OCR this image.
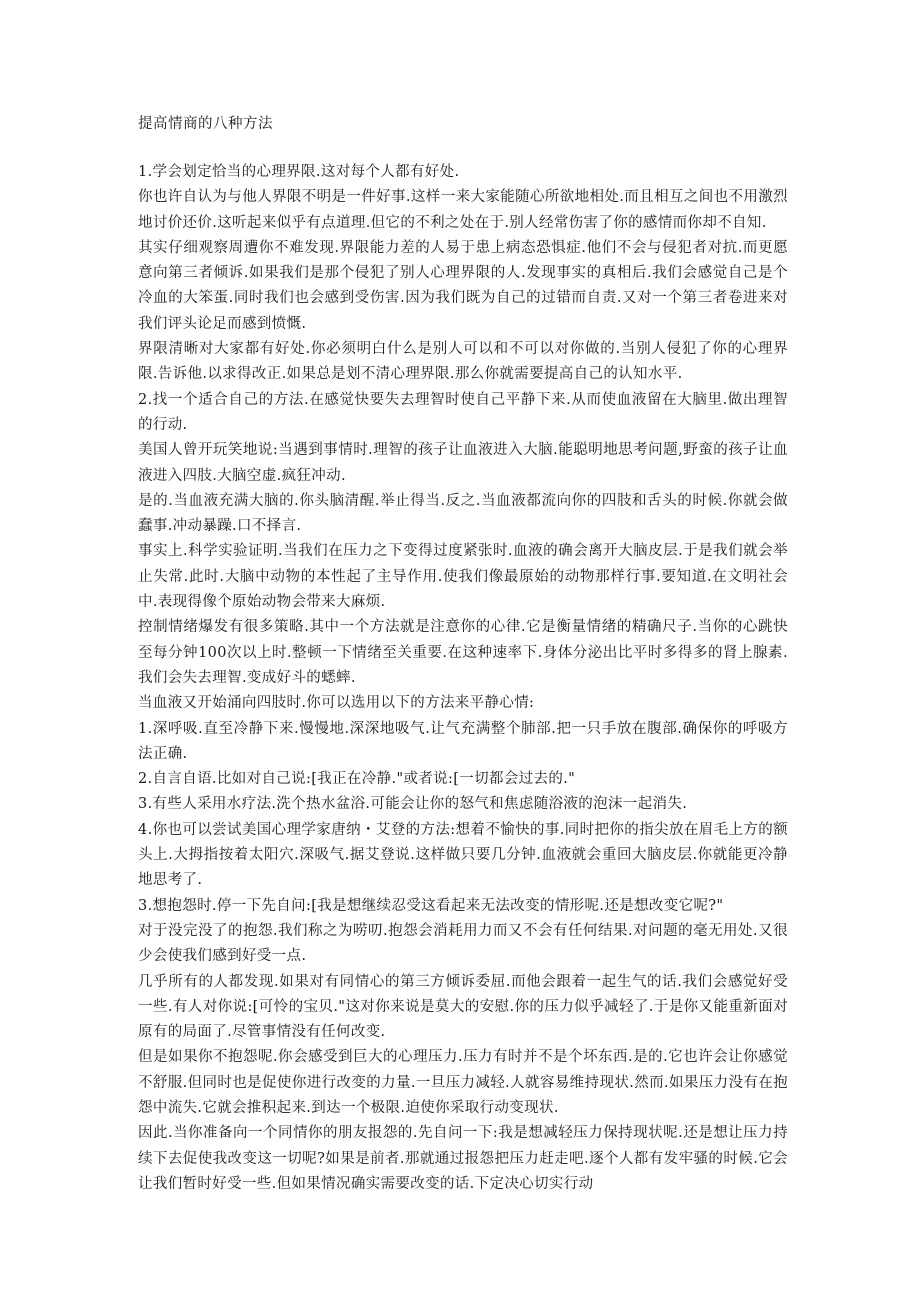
提高情商的八种方法

1.学会划定恰当的心理界限.这对每个人都有好处.

你也许自认为与他人界限不明是一件好事.这样一来大家能随心所欲地相处.而且相互之间也不用激烈地讨价还价.这听起来似乎有点道理.但它的不利之处在于.别人经常伤害了你的感情而你却不自知.

其实仔细观察周遭你不难发现.界限能力差的人易于患上病态恐惧症.他们不会与侵犯者对抗.而更愿意向第三者倾诉.如果我们是那个侵犯了别人心理界限的人.发现事实的真相后.我们会感觉自己是个冷血的大笨蛋.同时我们也会感到受伤害.因为我们既为自己的过错而自责.又对一个第三者卷进来对我们评头论足而感到愤慨.

界限清晰对大家都有好处.你必须明白什么是别人可以和不可以对你做的.当别人侵犯了你的心理界限.告诉他.以求得改正.如果总是划不清心理界限.那么你就需要提高自己的认知水平.

2.找一个适合自己的方法.在感觉快要失去理智时使自己平静下来.从而使血液留在大脑里.做出理智的行动.

美国人曾开玩笑地说:当遇到事情时.理智的孩子让血液进入大脑.能聪明地思考问题,野蛮的孩子让血液进入四肢.大脑空虚.疯狂冲动.

是的.当血液充满大脑的.你头脑清醒.举止得当.反之.当血液都流向你的四肢和舌头的时候.你就会做蠢事.冲动暴躁.口不择言.

事实上.科学实验证明.当我们在压力之下变得过度紧张时.血液的确会离开大脑皮层.于是我们就会举止失常.此时.大脑中动物的本性起了主导作用.使我们像最原始的动物那样行事.要知道.在文明社会中.表现得像个原始动物会带来大麻烦.

控制情绪爆发有很多策略.其中一个方法就是注意你的心律.它是衡量情绪的精确尺子.当你的心跳快至每分钟100次以上时.整顿一下情绪至关重要.在这种速率下.身体分泌出比平时多得多的肾上腺素.我们会失去理智.变成好斗的蟋蟀.

当血液又开始涌向四肢时.你可以选用以下的方法来平静心情:

1.深呼吸.直至冷静下来.慢慢地.深深地吸气.让气充满整个肺部.把一只手放在腹部.确保你的呼吸方法正确.

2.自言自语.比如对自己说:[我正在冷静."或者说:[一切都会过去的."

3.有些人采用水疗法.洗个热水盆浴.可能会让你的怒气和焦虑随浴液的泡沫一起消失.

4.你也可以尝试美国心理学家唐纳・艾登的方法:想着不愉快的事.同时把你的指尖放在眉毛上方的额头上.大拇指按着太阳穴.深吸气.据艾登说.这样做只要几分钟.血液就会重回大脑皮层.你就能更冷静地思考了.

3.想抱怨时.停一下先自问:[我是想继续忍受这看起来无法改变的情形呢.还是想改变它呢?"

对于没完没了的抱怨.我们称之为唠叨.抱怨会消耗用力而又不会有任何结果.对问题的毫无用处.又很少会使我们感到好受一点.

几乎所有的人都发现.如果对有同情心的第三方倾诉委屈.而他会跟着一起生气的话.我们会感觉好受一些.有人对你说:[可怜的宝贝."这对你来说是莫大的安慰.你的压力似乎减轻了.于是你又能重新面对原有的局面了.尽管事情没有任何改变.

但是如果你不抱怨呢.你会感受到巨大的心理压力.压力有时并不是个坏东西.是的.它也许会让你感觉不舒服.但同时也是促使你进行改变的力量.一旦压力减轻.人就容易维持现状.然而.如果压力没有在抱怨中流失.它就会推积起来.到达一个极限.迫使你采取行动变现状.

因此.当你准备向一个同情你的朋友报怨的.先自问一下:我是想减轻压力保持现状呢.还是想让压力持续下去促使我改变这一切呢?如果是前者.那就通过报怨把压力赶走吧.逐个人都有发牢骚的时候.它会让我们暂时好受一些.但如果情况确实需要改变的话.下定决心切实行动
